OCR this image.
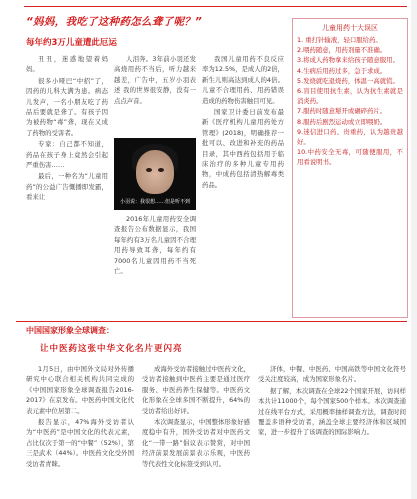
“妈妈，我吃了这种药怎么聋了呢？”
每年约3万儿童遭此厄运

丑丑，迷惑地望着妈妈。

很多小哑巴“中招”了，因药的儿科大满为患。病态儿发声，一名小朋友吃了药品后要就是聋了。有孩子因为被药物“毒”聋，现在又成了药物的受害者。

专家：自己都不知道，药品在孩子身上竟然会引起严重伤害……

最后，一种名为“儿童用药”的公益广告慨播即发霸，看来让

人泪奔。3年前小羽还发高烧用药不当后，听力越来越差，广告中，五岁小羽表述 我的世界很安静，没有一点点声音。

小羽说：我很想……但是听不到

2016年儿童用药安全调查报告公布数据显示，我国每年约有3万名儿童因不合理用药导致耳聋，每年约有7000名儿童因用药不当死亡。

我国儿童用药不良反应率为12.5%，是成人的2倍，新生儿则高达到成人的4倍。儿童不合理用药、用药错误造成的药物伤害触目可见。

国家卫计委日前发布最新《医疗机构儿童用药处方管理》(2018)，明确推荐一批可以、改进和补充的药品目录，其中西药包括用于临床治疗的多种儿童专用药物，中成药包括清热解毒类药品。

儿童用药十大误区
1. 重打针输液，轻口服给药。
2.喂药随意，用药剂量不准确。
3.将成人药物拿来给孩子随意服用。
4.生病后用药过多，急于求成。
5.发烧就吃退烧药，体温一高就慌。
6.盲目使用抗生素，认为抗生素就是消炎药。
7.服药时随意掰开或碾碎药片。
8.服药后剧烈运动或立即喂奶。
9.迷信进口药、贵重药，认为越贵越好。
10.中药安全无毒，可随便服用，不用看说明书。
中国国家形象全球调查：
让中医药这张中华文化名片更闪亮

1月5日，由中国外文局对外传播研究中心联合相关机构共同完成的《中国国家形象全球调查报告2016-2017》在京发布。中医药中国文化代表元素中位居第二。

报告显示，47%海外受访者认为“中医药”是中国文化的代表元素，占比仅次于第一的“中餐”（52%），第三是武术（44%）。中医药文化受外国受访者青睐。

成海外受访者接触过中医药文化，受访者接触到中医药主要是通过医疗服务、中医药养生保健等。中医药文化形象在全球多国不断提升，64%的受访者给出好评。

本次调查显示，中国整体形象好感度稳中有升，国外受访者对中医药文化“一带一路”倡议表示赞赏，对中国经济前景发展前景表示乐观，中医药等代表性文化标签受到认可。

济体，中餐、中医药、中国高铁等中国文化符号受关注度较高，成为国家形象名片。

据了解，本次调查在全球22个国家开展，访问样本共计11000个，每个国家500个样本。本次调查通过在线平台方式，采用概率抽样调查方法，调查时间覆盖多语种受访者，涵盖全球主要经济体和区域国家，进一步提升了该调查的国际影响力。
